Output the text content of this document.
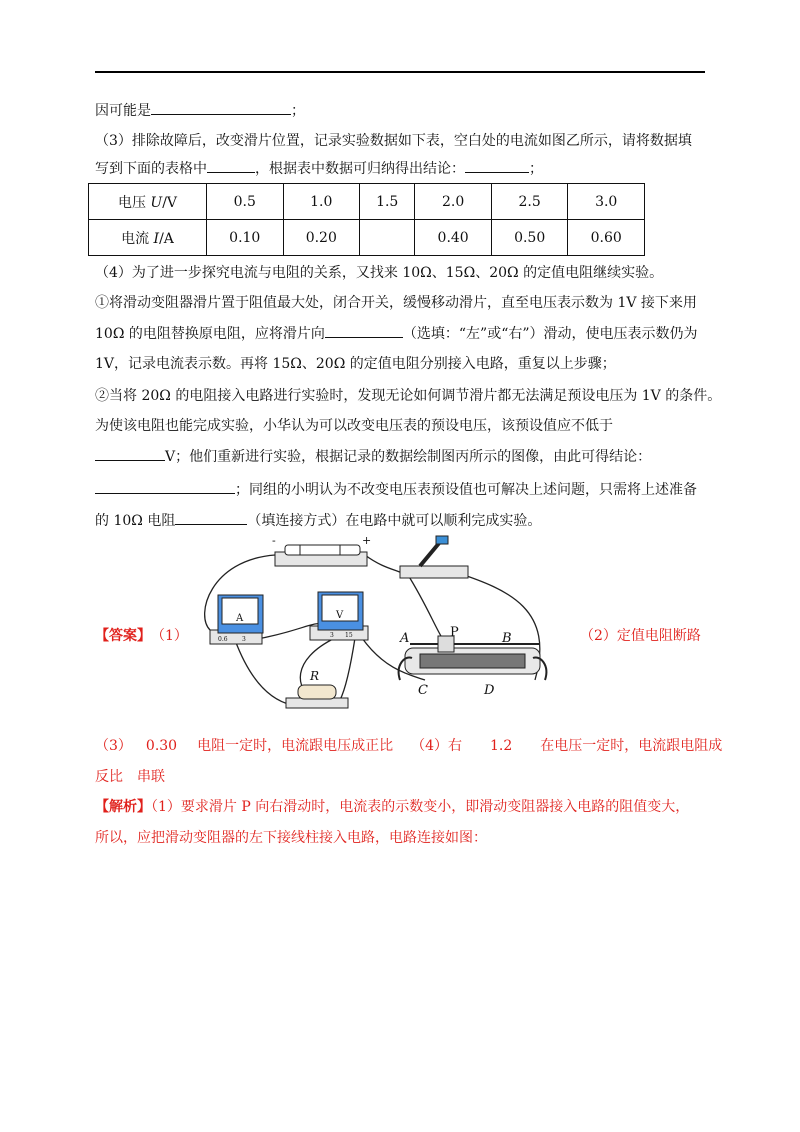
因可能是	；
（3）排除故障后，改变滑片位置，记录实验数据如下表，空白处的电流如图乙所示，请将数据填
写到下面的表格中	，根据表中数据可归纳得出结论：	；
电压 U/V	0.5	1.0	1.5	2.0	2.5	3.0
电流 I/A	0.10	0.20		0.40	0.50	0.60
（4）为了进一步探究电流与电阻的关系，又找来 10Ω、15Ω、20Ω 的定值电阻继续实验。
①将滑动变阻器滑片置于阻值最大处，闭合开关，缓慢移动滑片，直至电压表示数为 1V 接下来用
10Ω 的电阻替换原电阻，应将滑片向	（选填：“左”或“右”）滑动，使电压表示数仍为
1V，记录电流表示数。再将 15Ω、20Ω 的定值电阻分别接入电路，重复以上步骤；
②当将 20Ω 的电阻接入电路进行实验时，发现无论如何调节滑片都无法满足预设电压为 1V 的条件。
为使该电阻也能完成实验，小华认为可以改变电压表的预设电压，该预设值应不低于
V；他们重新进行实验，根据记录的数据绘制图丙所示的图像，由此可得结论：
；同组的小明认为不改变电压表预设值也可解决上述问题，只需将上述准备
的 10Ω 电阻	（填连接方式）在电路中就可以顺利完成实验。
【答案】　 （1）	（2）定值电阻断路
-	+
A
0.6 3
V
3 15
R
A	P	B
C	D
（3） 0.30 电阻一定时，电流跟电压成正比 （4）右 1.2 在电压一定时，电流跟电阻成
反比　串联
【解析】（1）要求滑片 P 向右滑动时，电流表的示数变小，即滑动变阻器接入电路的阻值变大，
所以，应把滑动变阻器的左下接线柱接入电路，电路连接如图：
